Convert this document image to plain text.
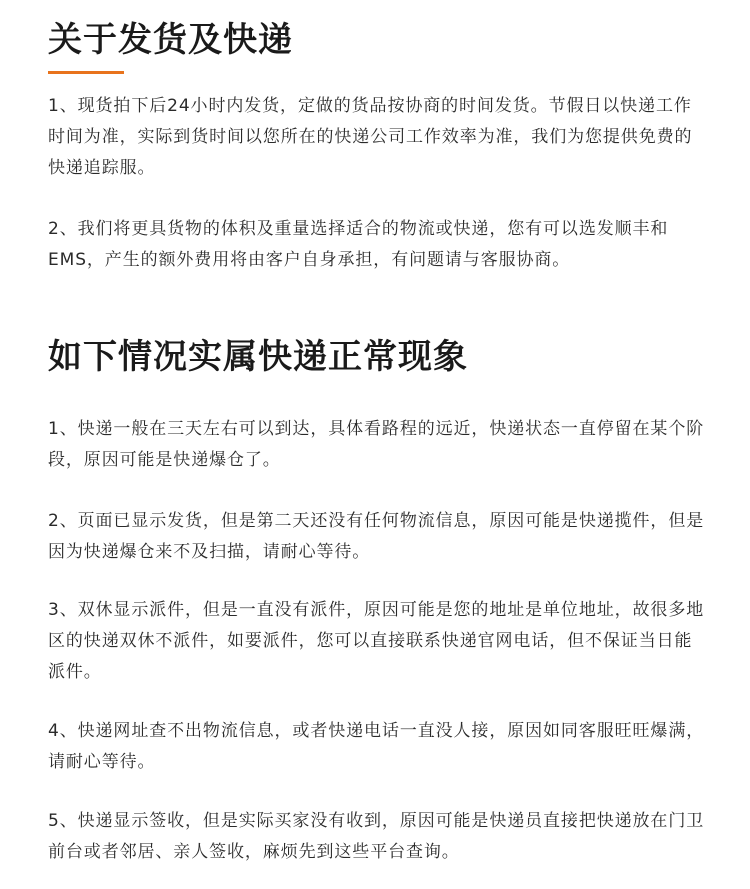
关于发货及快递

1、现货拍下后24小时内发货，定做的货品按协商的时间发货。节假日以快递工作时间为准，实际到货时间以您所在的快递公司工作效率为准，我们为您提供免费的快递追踪服。

2、我们将更具货物的体积及重量选择适合的物流或快递，您有可以选发顺丰和EMS，产生的额外费用将由客户自身承担，有问题请与客服协商。

如下情况实属快递正常现象

1、快递一般在三天左右可以到达，具体看路程的远近，快递状态一直停留在某个阶段，原因可能是快递爆仓了。

2、页面已显示发货，但是第二天还没有任何物流信息，原因可能是快递揽件，但是因为快递爆仓来不及扫描，请耐心等待。

3、双休显示派件，但是一直没有派件，原因可能是您的地址是单位地址，故很多地区的快递双休不派件，如要派件，您可以直接联系快递官网电话，但不保证当日能派件。

4、快递网址查不出物流信息，或者快递电话一直没人接，原因如同客服旺旺爆满，请耐心等待。

5、快递显示签收，但是实际买家没有收到，原因可能是快递员直接把快递放在门卫前台或者邻居、亲人签收，麻烦先到这些平台查询。
